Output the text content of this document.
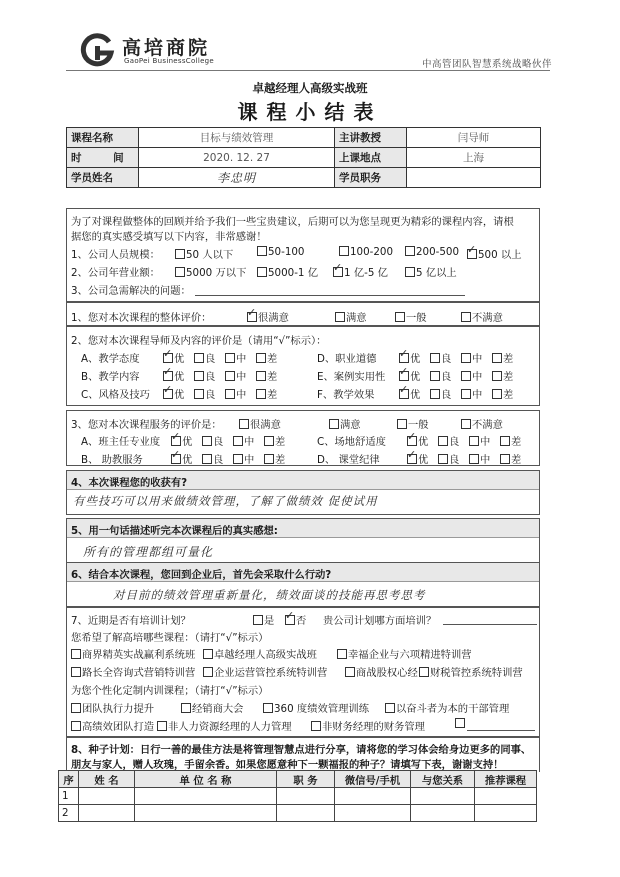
高培商院
GaoPei BusinessCollege	中高管团队智慧系统战略伙伴
卓越经理人高级实战班
课程小结表
课程名称	目标与绩效管理	主讲教授	闫导师
时 间	2020. 12. 27	上课地点	上海
学员姓名	李忠明	学员职务	
为了对课程做整体的回顾并给予我们一些宝贵建议，后期可以为您呈现更为精彩的课程内容，请根
据您的真实感受填写以下内容，非常感谢！
1、公司人员规模：	50 人以下	50-100	100-200	200-500 ✓	500 以上
2、公司年营业额：	5000 万以下	5000-1 亿 ✓	1 亿-5 亿	5 亿以上
3、公司急需解决的问题：
1、您对本次课程的整体评价： ✓	很满意	满意	一般	不满意
2、您对本次课程导师及内容的评价是（请用“√”标示）：
A、教学态度 ✓	优	良	中	差
B、教学内容 ✓	优	良	中	差
C、风格及技巧 ✓	优	良	中	差
D、职业道德 ✓	优	良	中	差
E、案例实用性 ✓	优	良	中	差
F、教学效果 ✓	优	良	中	差
3、您对本次课程服务的评价是：	很满意	满意	一般	不满意
A、班主任专业度 ✓	优	良	中	差
B、 助教服务 ✓	优	良	中	差
C、场地舒适度 ✓	优	良	中	差
D、 课堂纪律 ✓	优	良	中	差
4、本次课程您的收获有?
有些技巧可以用来做绩效管理，了解了做绩效 促使试用
5、用一句话描述听完本次课程后的真实感想:
所有的管理都组可量化
6、结合本次课程，您回到企业后，首先会采取什么行动?
对目前的绩效管理重新量化，绩效面谈的技能再思考思考
7、近期是否有培训计划？	是 ✓	否 贵公司计划哪方面培训？
您希望了解高培哪些课程：（请打“√”标示）
商界精英实战赢利系统班	卓越经理人高级实战班	幸福企业与六项精进特训营
路长全咨询式营销特训营	企业运营管控系统特训营	商战股权心经	财税管控系统特训营
为您个性化定制内训课程；（请打“√”标示）
团队执行力提升	经销商大会	360 度绩效管理训练	以奋斗者为本的干部管理
高绩效团队打造	非人力资源经理的人力管理	非财务经理的财务管理
8、种子计划：日行一善的最佳方法是将管理智慧点进行分享，请将您的学习体会给身边更多的同事、
朋友与家人，赠人玫瑰，手留余香。如果您愿意种下一颗福报的种子？请填写下表，谢谢支持！
序	姓 名	单 位 名 称	职 务	微信号/手机	与您关系	推荐课程
1						
2						
